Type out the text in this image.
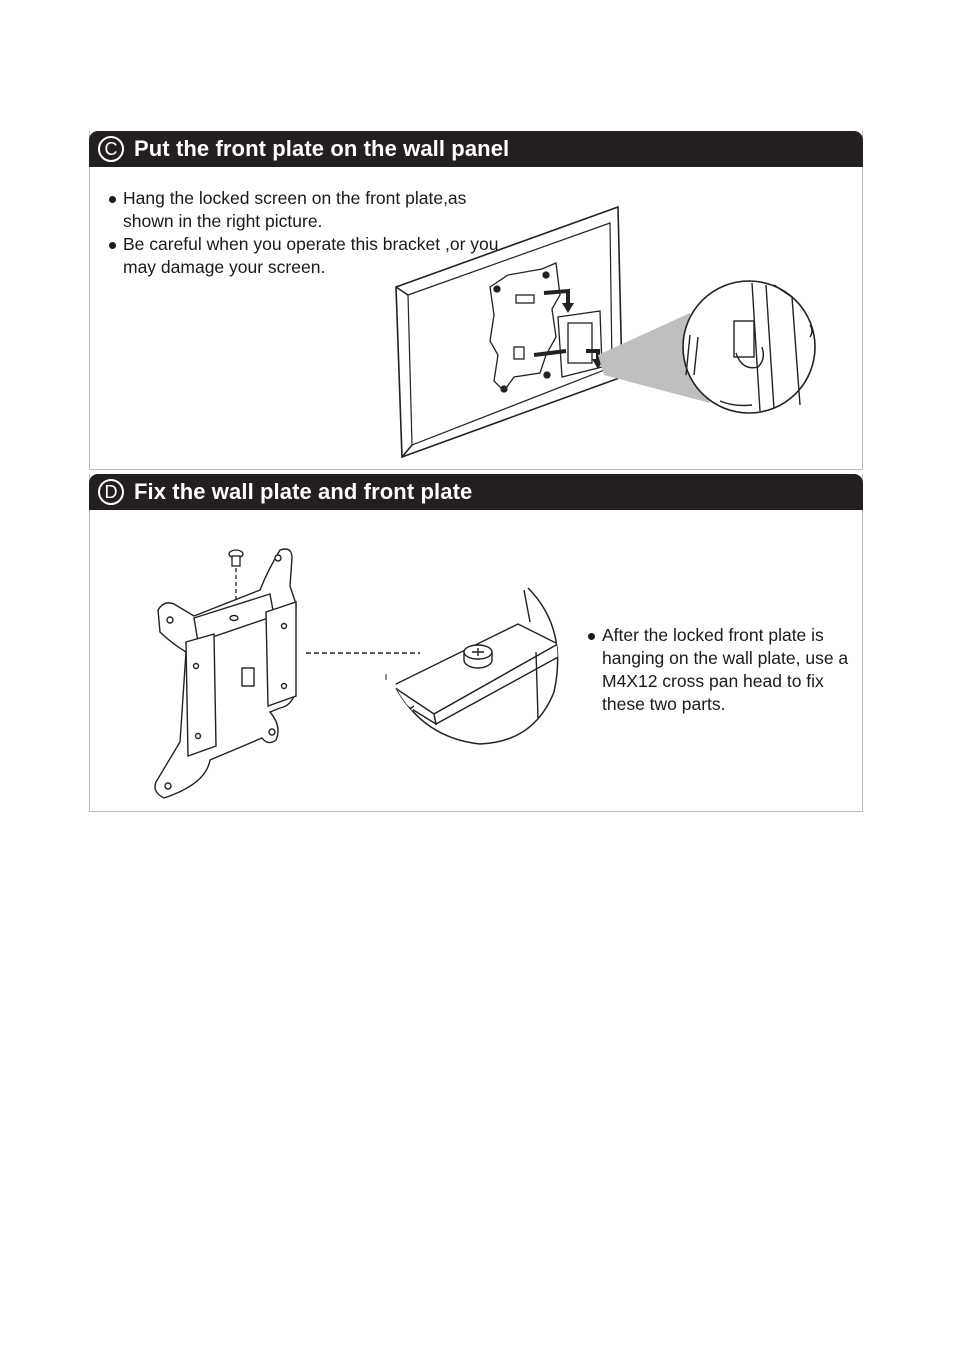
C Put the front plate on the wall panel
Hang the locked screen on the front plate,as shown in the right picture.
Be careful when you operate this bracket ,or you may damage your screen.
D Fix the wall plate and front plate
After the locked front plate is hanging on the wall plate, use a M4X12 cross pan head to fix these two parts.
